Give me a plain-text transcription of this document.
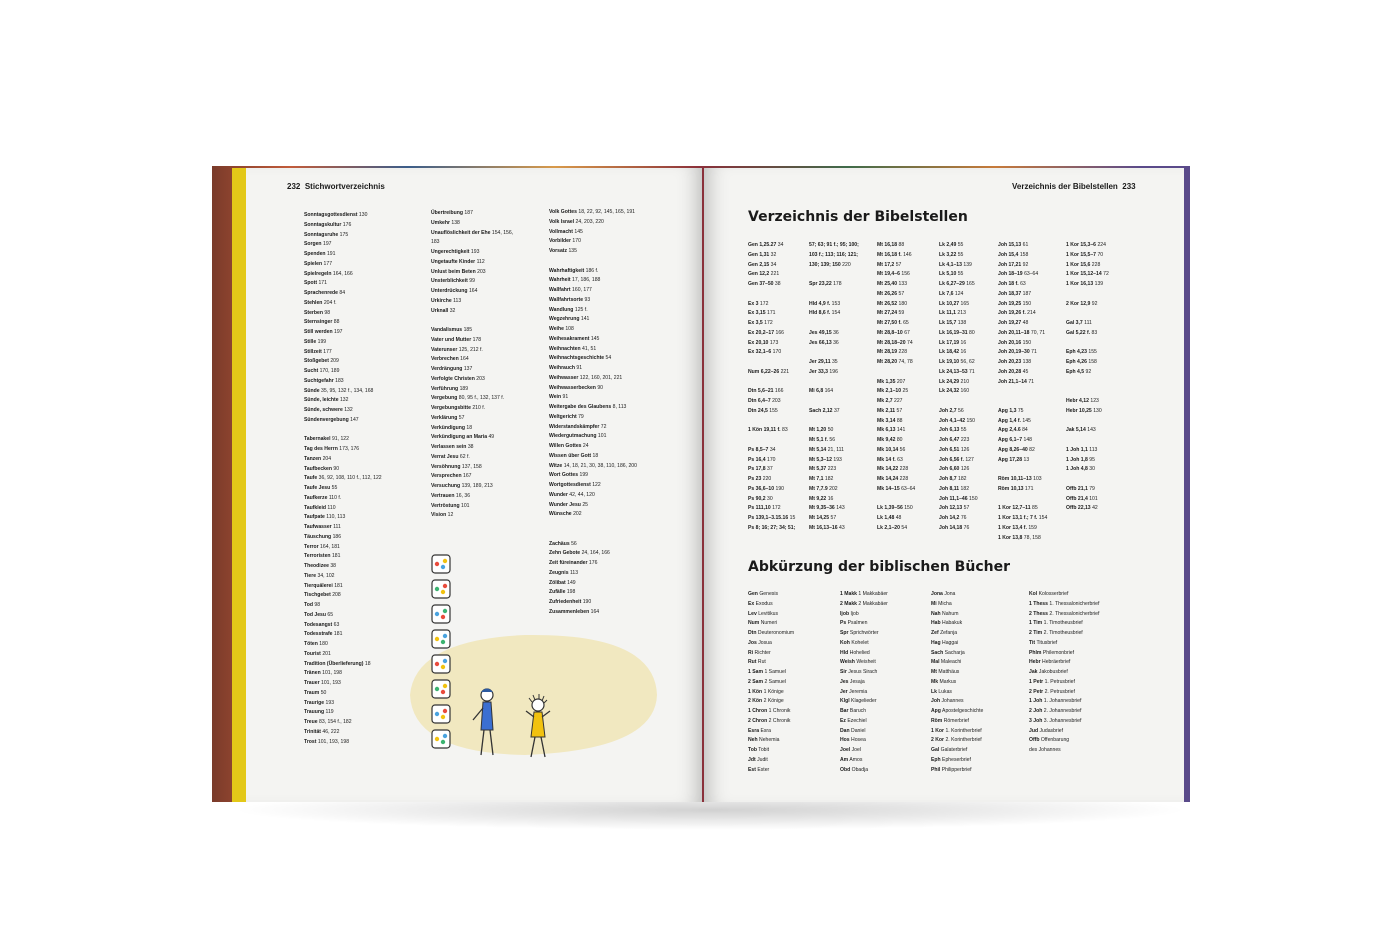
232 Stichwortverzeichnis	Verzeichnis der Bibelstellen 233
Sonntagsgottesdienst 130
Sonntagskultur 176
Sonntagsruhe 175
Sorgen 197
Spenden 191
Spielen 177
Spielregeln 164, 166
Spott 171
Sprachenrede 84
Stehlen 204 f.
Sterben 98
Sternsinger 88
Still werden 197
Stille 199
Stillzeit 177
Stoßgebet 209
Sucht 170, 189
Suchtgefahr 183
Sünde 35, 95, 132 f., 134, 168
Sünde, leichte 132
Sünde, schwere 132
Sündenvergebung 147
Tabernakel 91, 122
Tag des Herrn 173, 176
Tanzen 204
Taufbecken 90
Taufe 36, 92, 108, 110 f., 112, 122
Taufe Jesu 55
Taufkerze 110 f.
Taufkleid 110
Taufpate 110, 113
Taufwasser 111
Täuschung 186
Terror 164, 181
Terroristen 181
Theodizee 38
Tiere 34, 102
Tierquälerei 181
Tischgebet 208
Tod 98
Tod Jesu 65
Todesangst 63
Todesstrafe 181
Töten 180
Tourist 201
Tradition (Überlieferung) 18
Tränen 101, 198
Trauer 101, 193
Traum 50
Traurige 193
Trauung 119
Treue 83, 154 f., 182
Trinität 46, 222
Trost 101, 193, 198
Übertreibung 187
Umkehr 138
Unauflöslichkeit der Ehe 154, 156,
183
Ungerechtigkeit 193
Ungetaufte Kinder 112
Unlust beim Beten 203
Unsterblichkeit 99
Unterdrückung 164
Urkirche 113
Urknall 32
Vandalismus 185
Vater und Mutter 178
Vaterunser 125, 212 f.
Verbrechen 164
Verdrängung 137
Verfolgte Christen 203
Verführung 189
Vergebung 80, 95 f., 132, 137 f.
Vergebungsbitte 210 f.
Verklärung 57
Verkündigung 18
Verkündigung an Maria 49
Verlassen sein 38
Verrat Jesu 62 f.
Versöhnung 137, 158
Versprechen 167
Versuchung 139, 189, 213
Vertrauen 16, 36
Vertröstung 101
Vision 12
Volk Gottes 18, 22, 92, 145, 165, 191
Volk Israel 24, 203, 220
Vollmacht 145
Vorbilder 170
Vorsatz 135
Wahrhaftigkeit 186 f.
Wahrheit 17, 186, 188
Wallfahrt 160, 177
Wallfahrtsorte 93
Wandlung 125 f.
Wegzehrung 141
Weihe 108
Weihesakrament 145
Weihnachten 41, 51
Weihnachtsgeschichte 54
Weihrauch 91
Weihwasser 122, 160, 201, 221
Weihwasserbecken 90
Wein 91
Weitergabe des Glaubens 8, 113
Weltgericht 79
Widerstandskämpfer 72
Wiedergutmachung 101
Willen Gottes 24
Wissen über Gott 18
Witze 14, 18, 21, 30, 38, 110, 186, 200
Wort Gottes 199
Wortgottesdienst 122
Wunder 42, 44, 120
Wunder Jesu 25
Wünsche 202
Zachäus 56
Zehn Gebote 24, 164, 166
Zeit füreinander 176
Zeugnis 113
Zölibat 149
Zufälle 198
Zufriedenheit 190
Zusammenleben 164
Verzeichnis der Bibelstellen
Gen 1,25.27 34
Gen 1,31 32
Gen 2,15 34
Gen 12,2 221
Gen 37–50 38
Ex 3 172
Ex 3,15 171
Ex 3,5 172
Ex 20,2–17 166
Ex 20,10 173
Ex 32,1–6 170
Num 6,22–26 221
Dtn 5,6–21 166
Dtn 6,4–7 203
Dtn 24,5 155
1 Kön 19,11 f. 83
Ps 8,5–7 34
Ps 16,4 170
Ps 17,8 37
Ps 23 220
Ps 36,6–10 190
Ps 90,2 30
Ps 111,10 172
Ps 139,1–3.15.16 15
Ps 8; 16; 27; 34; 51;
57; 63; 91 f.; 95; 100;
103 f.; 113; 116; 121;
130; 139; 150 220
Spr 23,22 178
Hld 4,9 f. 153
Hld 8,6 f. 154
Jes 49,15 36
Jes 66,13 36
Jer 29,11 35
Jer 33,3 196
Mi 6,8 164
Sach 2,12 37
Mt 1,20 50
Mt 5,1 f. 56
Mt 5,14 21, 111
Mt 5,3–12 193
Mt 5,37 223
Mt 7,1 182
Mt 7,7.9 202
Mt 9,22 16
Mt 9,35–36 143
Mt 14,25 57
Mt 16,13–16 43
Mt 16,18 88
Mt 16,18 f. 146
Mt 17,2 57
Mt 19,4–6 156
Mt 25,40 133
Mt 26,26 57
Mt 26,52 180
Mt 27,24 59
Mt 27,50 f. 65
Mt 28,8–10 67
Mt 28,18–20 74
Mt 28,19 228
Mt 28,20 74, 78
Mk 1,35 207
Mk 2,1–10 25
Mk 2,7 227
Mk 2,11 57
Mk 3,14 88
Mk 6,13 141
Mk 9,42 80
Mk 10,14 56
Mk 14 f. 63
Mk 14,22 228
Mk 14,24 228
Mk 14–15 63–64
Lk 1,39–56 150
Lk 1,48 48
Lk 2,1–20 54
Lk 2,49 55
Lk 3,22 55
Lk 4,1–13 139
Lk 5,10 55
Lk 6,27–29 165
Lk 7,6 124
Lk 10,27 165
Lk 11,1 213
Lk 15,7 138
Lk 16,19–31 80
Lk 17,19 16
Lk 18,42 16
Lk 19,10 56, 62
Lk 24,13–53 71
Lk 24,29 210
Lk 24,32 160
Joh 2,7 56
Joh 4,1–42 150
Joh 6,13 55
Joh 6,47 223
Joh 6,51 126
Joh 6,56 f. 127
Joh 6,60 126
Joh 8,7 182
Joh 8,11 182
Joh 11,1–46 150
Joh 12,13 57
Joh 14,2 76
Joh 14,18 76
Joh 15,13 61
Joh 15,4 158
Joh 17,21 92
Joh 18–19 63–64
Joh 18 f. 63
Joh 18,37 187
Joh 19,25 150
Joh 19,26 f. 214
Joh 19,27 48
Joh 20,11–18 70, 71
Joh 20,16 150
Joh 20,19–30 71
Joh 20,23 138
Joh 20,28 45
Joh 21,1–14 71
Apg 1,3 75
Apg 1,4 f. 145
Apg 2,4.6 84
Apg 6,1–7 148
Apg 8,26–40 82
Apg 17,28 13
Röm 10,11–13 103
Röm 10,13 171
1 Kor 12,7–11 85
1 Kor 13,1 f.; 7 f. 154
1 Kor 13,4 f. 159
1 Kor 13,8 78, 158
1 Kor 15,3–6 224
1 Kor 15,5–7 70
1 Kor 15,6 228
1 Kor 15,12–14 72
1 Kor 16,13 139
2 Kor 12,9 92
Gal 3,7 111
Gal 5,22 f. 83
Eph 4,23 155
Eph 4,26 158
Eph 4,5 92
Hebr 4,12 123
Hebr 10,25 130
Jak 5,14 143
1 Joh 1,1 113
1 Joh 1,8 95
1 Joh 4,8 30
Offb 21,1 79
Offb 21,4 101
Offb 22,13 42
Abkürzung der biblischen Bücher
Gen Genesis
Ex Exodus
Lev Levitikus
Num Numeri
Dtn Deuteronomium
Jos Josua
Ri Richter
Rut Rut
1 Sam 1 Samuel
2 Sam 2 Samuel
1 Kön 1 Könige
2 Kön 2 Könige
1 Chron 1 Chronik
2 Chron 2 Chronik
Esra Esra
Neh Nehemia
Tob Tobit
Jdt Judit
Est Ester
1 Makk 1 Makkabäer
2 Makk 2 Makkabäer
Ijob Ijob
Ps Psalmen
Spr Sprichwörter
Koh Kohelet
Hld Hohelied
Weish Weisheit
Sir Jesus Sirach
Jes Jesaja
Jer Jeremia
Klgl Klagelieder
Bar Baruch
Ez Ezechiel
Dan Daniel
Hos Hosea
Joel Joel
Am Amos
Obd Obadja
Jona Jona
Mi Micha
Nah Nahum
Hab Habakuk
Zef Zefanja
Hag Haggai
Sach Sacharja
Mal Maleachi
Mt Matthäus
Mk Markus
Lk Lukas
Joh Johannes
Apg Apostelgeschichte
Röm Römerbrief
1 Kor 1. Korintherbrief
2 Kor 2. Korintherbrief
Gal Galaterbrief
Eph Epheserbrief
Phil Philipperbrief
Kol Kolosserbrief
1 Thess 1. Thessalonicherbrief
2 Thess 2. Thessalonicherbrief
1 Tim 1. Timotheusbrief
2 Tim 2. Timotheusbrief
Tit Titusbrief
Phlm Philemonbrief
Hebr Hebräerbrief
Jak Jakobusbrief
1 Petr 1. Petrusbrief
2 Petr 2. Petrusbrief
1 Joh 1. Johannesbrief
2 Joh 2. Johannesbrief
3 Joh 3. Johannesbrief
Jud Judasbrief
Offb Offenbarung
des Johannes
